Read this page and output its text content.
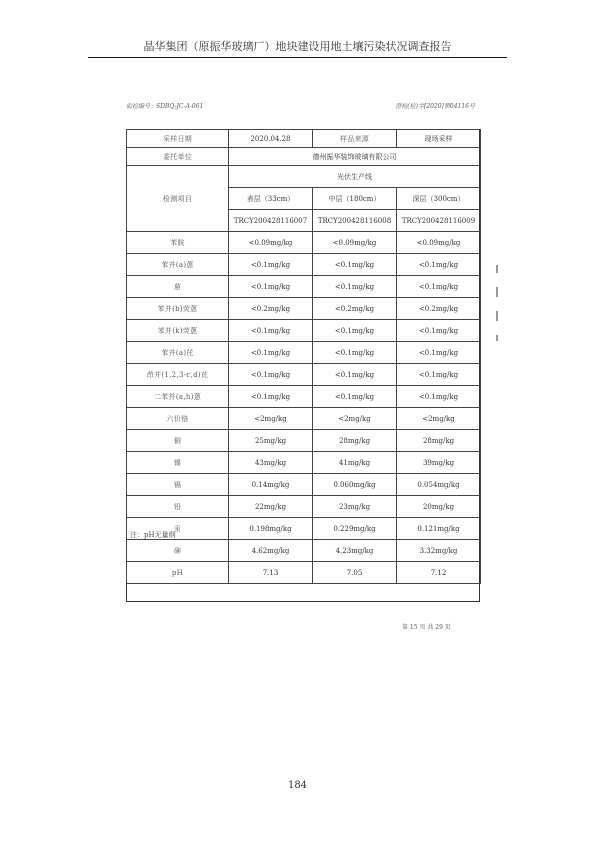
晶华集团（原振华玻璃厂）地块建设用地土壤污染状况调查报告
监检编号：SDBQ-JC-A-061	澄检(检)字[2020]第04116号
采样日期	2020.04.28	样品来源	现场采样
委托单位	德州振华装饰玻璃有限公司		
检测项目	光伏生产线		
	表层（33cm）	中层（180cm）	深层（300cm）
	TRCY200428116007	TRCY200428116008	TRCY200428116009
苯胺	<0.09mg/kg	<0.09mg/kg	<0.09mg/kg
苯并(a)蒽	<0.1mg/kg	<0.1mg/kg	<0.1mg/kg
䓛	<0.1mg/kg	<0.1mg/kg	<0.1mg/kg
苯并(b)荧蒽	<0.2mg/kg	<0.2mg/kg	<0.2mg/kg
苯并(k)荧蒽	<0.1mg/kg	<0.1mg/kg	<0.1mg/kg
苯并(a)芘	<0.1mg/kg	<0.1mg/kg	<0.1mg/kg
茚并(1,2,3-c,d)芘	<0.1mg/kg	<0.1mg/kg	<0.1mg/kg
二苯并(a,h)蒽	<0.1mg/kg	<0.1mg/kg	<0.1mg/kg
六价铬	<2mg/kg	<2mg/kg	<2mg/kg
铜	25mg/kg	28mg/kg	28mg/kg
镍	43mg/kg	41mg/kg	39mg/kg
镉	0.14mg/kg	0.060mg/kg	0.054mg/kg
铅	22mg/kg	23mg/kg	20mg/kg
汞	0.198mg/kg	0.229mg/kg	0.121mg/kg
砷	4.62mg/kg	4.23mg/kg	3.32mg/kg
pH	7.13	7.05	7.12
注：pH无量纲
第 15 页 共 29 页
184
